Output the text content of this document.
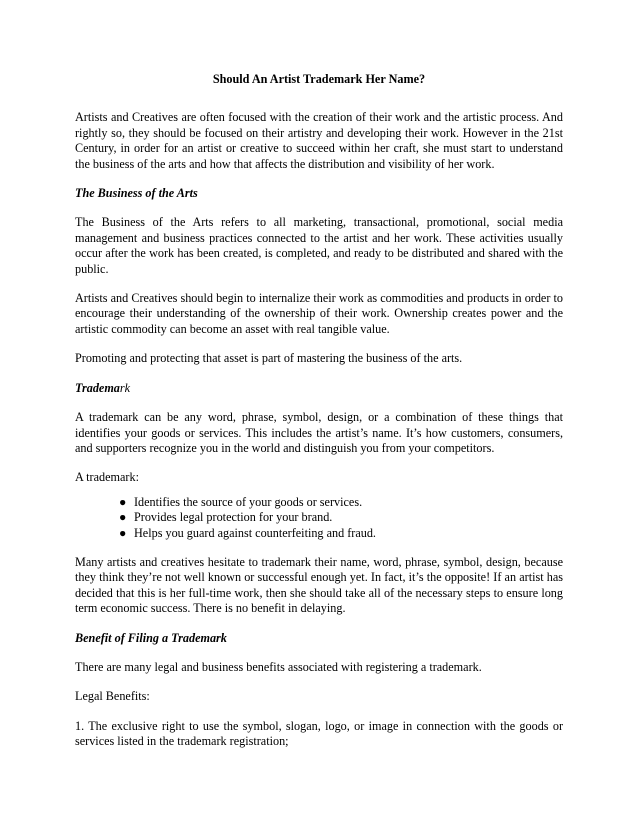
Should An Artist Trademark Her Name?

Artists and Creatives are often focused with the creation of their work and the artistic process. And rightly so, they should be focused on their artistry and developing their work. However in the 21st Century, in order for an artist or creative to succeed within her craft, she must start to understand the business of the arts and how that affects the distribution and visibility of her work.

The Business of the Arts

The Business of the Arts refers to all marketing, transactional, promotional, social media management and business practices connected to the artist and her work. These activities usually occur after the work has been created, is completed, and ready to be distributed and shared with the public.

Artists and Creatives should begin to internalize their work as commodities and products in order to encourage their understanding of the ownership of their work. Ownership creates power and the artistic commodity can become an asset with real tangible value.

Promoting and protecting that asset is part of mastering the business of the arts.

Trademark

A trademark can be any word, phrase, symbol, design, or a combination of these things that identifies your goods or services. This includes the artist’s name. It’s how customers, consumers, and supporters recognize you in the world and distinguish you from your competitors.

A trademark:

● Identifies the source of your goods or services.
● Provides legal protection for your brand.
● Helps you guard against counterfeiting and fraud.

Many artists and creatives hesitate to trademark their name, word, phrase, symbol, design, because they think they’re not well known or successful enough yet. In fact, it’s the opposite! If an artist has decided that this is her full-time work, then she should take all of the necessary steps to ensure long term economic success. There is no benefit in delaying.

Benefit of Filing a Trademark

There are many legal and business benefits associated with registering a trademark.

Legal Benefits:

1. The exclusive right to use the symbol, slogan, logo, or image in connection with the goods or services listed in the trademark registration;
